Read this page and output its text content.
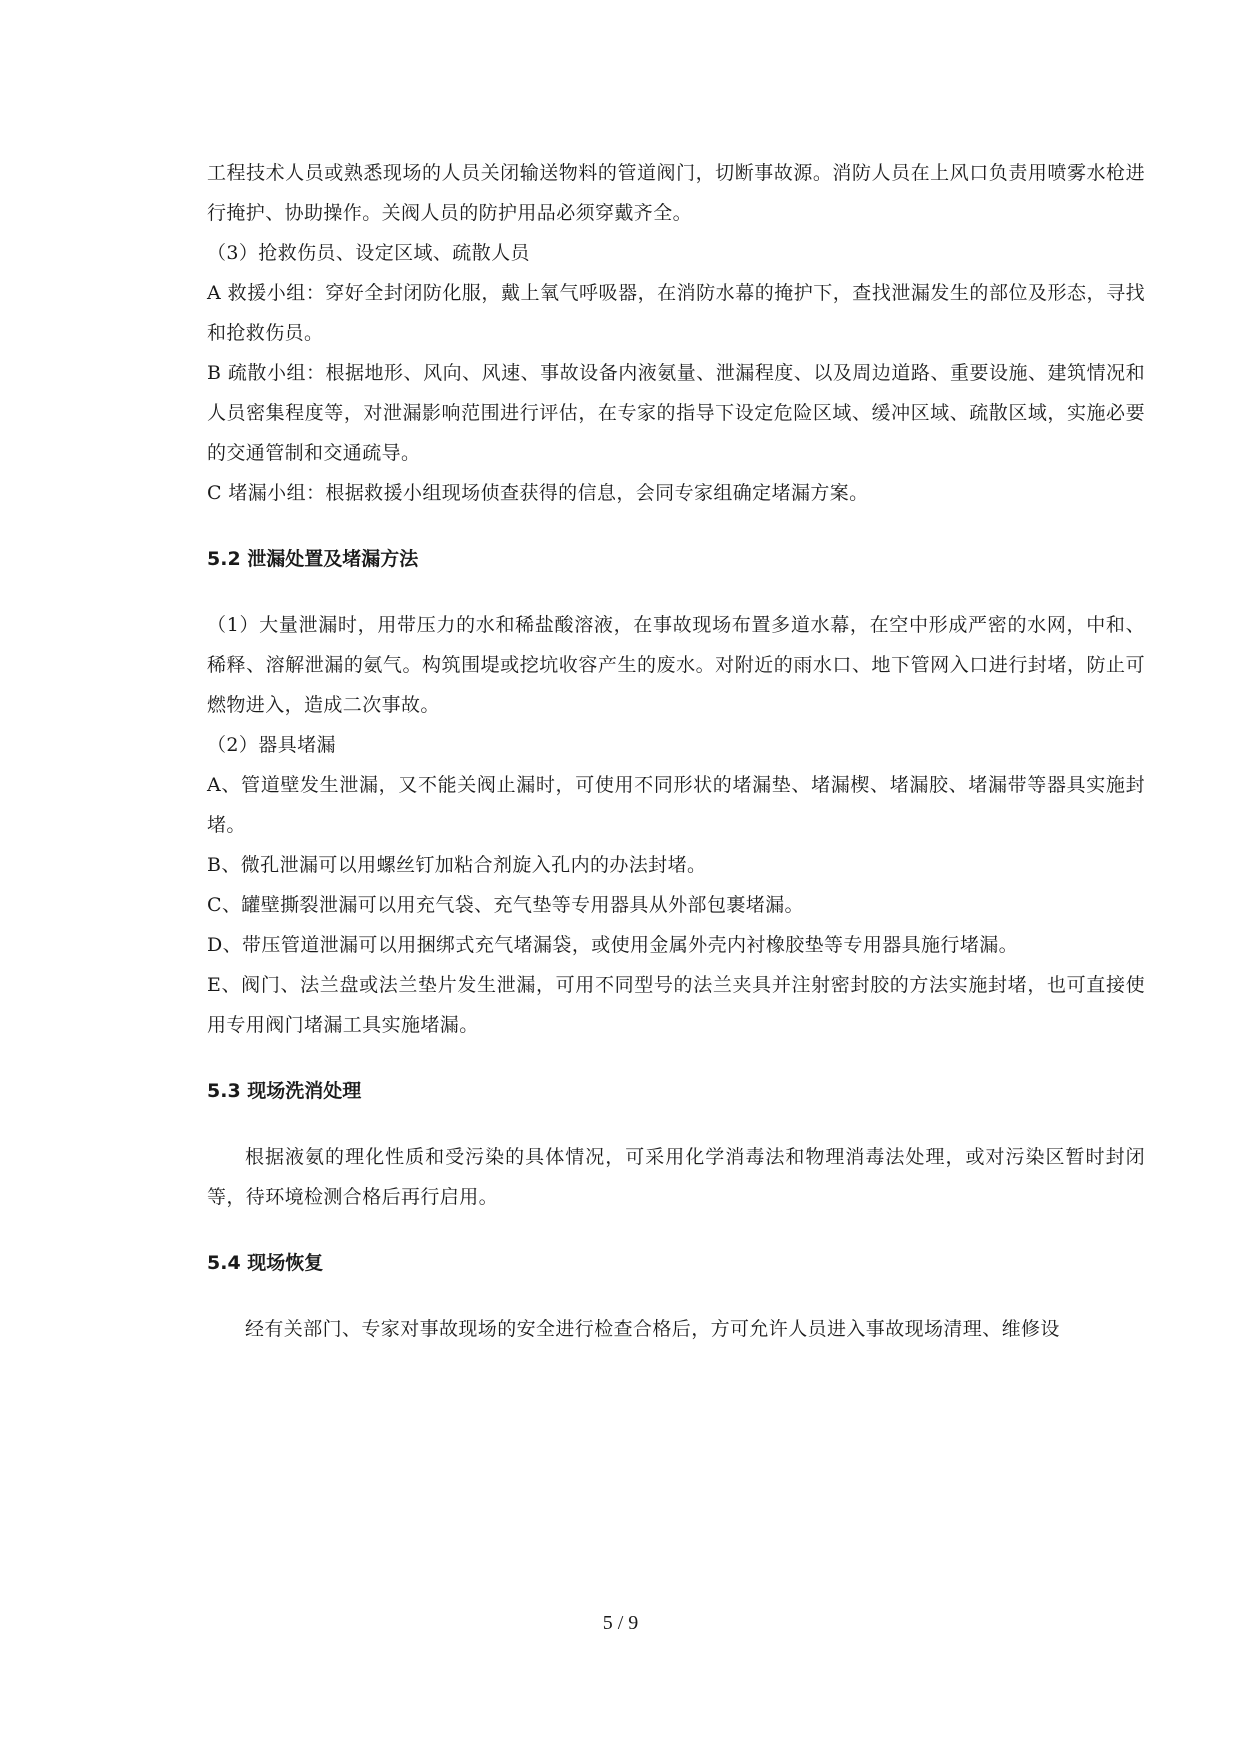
工程技术人员或熟悉现场的人员关闭输送物料的管道阀门，切断事故源。消防人员在上风口负责用喷雾水枪进行掩护、协助操作。关阀人员的防护用品必须穿戴齐全。

（3）抢救伤员、设定区域、疏散人员

A 救援小组：穿好全封闭防化服，戴上氧气呼吸器，在消防水幕的掩护下，查找泄漏发生的部位及形态，寻找和抢救伤员。

B 疏散小组：根据地形、风向、风速、事故设备内液氨量、泄漏程度、以及周边道路、重要设施、建筑情况和人员密集程度等，对泄漏影响范围进行评估，在专家的指导下设定危险区域、缓冲区域、疏散区域，实施必要的交通管制和交通疏导。

C 堵漏小组：根据救援小组现场侦查获得的信息，会同专家组确定堵漏方案。

5.2 泄漏处置及堵漏方法

（1）大量泄漏时，用带压力的水和稀盐酸溶液，在事故现场布置多道水幕，在空中形成严密的水网，中和、稀释、溶解泄漏的氨气。构筑围堤或挖坑收容产生的废水。对附近的雨水口、地下管网入口进行封堵，防止可燃物进入，造成二次事故。

（2）器具堵漏

A、管道壁发生泄漏，又不能关阀止漏时，可使用不同形状的堵漏垫、堵漏楔、堵漏胶、堵漏带等器具实施封堵。

B、微孔泄漏可以用螺丝钉加粘合剂旋入孔内的办法封堵。

C、罐壁撕裂泄漏可以用充气袋、充气垫等专用器具从外部包裹堵漏。

D、带压管道泄漏可以用捆绑式充气堵漏袋，或使用金属外壳内衬橡胶垫等专用器具施行堵漏。

E、阀门、法兰盘或法兰垫片发生泄漏，可用不同型号的法兰夹具并注射密封胶的方法实施封堵，也可直接使用专用阀门堵漏工具实施堵漏。

5.3 现场洗消处理

根据液氨的理化性质和受污染的具体情况，可采用化学消毒法和物理消毒法处理，或对污染区暂时封闭等，待环境检测合格后再行启用。

5.4 现场恢复

经有关部门、专家对事故现场的安全进行检查合格后，方可允许人员进入事故现场清理、维修设

5 / 9
